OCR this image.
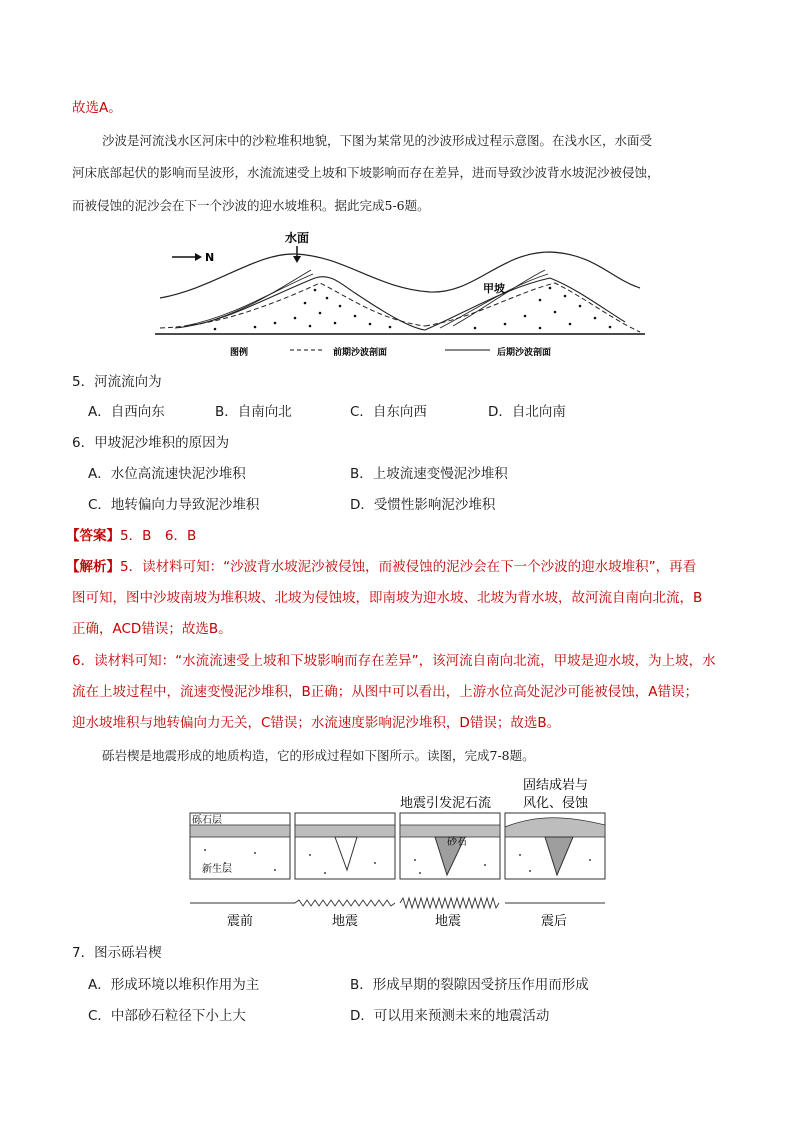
故选A。
沙波是河流浅水区河床中的沙粒堆积地貌，下图为某常见的沙波形成过程示意图。在浅水区，水面受
河床底部起伏的影响而呈波形，水流流速受上坡和下坡影响而存在差异，进而导致沙波背水坡泥沙被侵蚀，
而被侵蚀的泥沙会在下一个沙波的迎水坡堆积。据此完成5-6题。
N
水面
甲坡
图例	前期沙波剖面	后期沙波剖面
5．河流流向为
A．自西向东	B．自南向北	C．自东向西	D．自北向南
6．甲坡泥沙堆积的原因为
A．水位高流速快泥沙堆积	B．上坡流速变慢泥沙堆积
C．地转偏向力导致泥沙堆积	D．受惯性影响泥沙堆积
【答案】5．B　6．B
【解析】5．读材料可知：“沙波背水坡泥沙被侵蚀，而被侵蚀的泥沙会在下一个沙波的迎水坡堆积”，再看
图可知，图中沙坡南坡为堆积坡、北坡为侵蚀坡，即南坡为迎水坡、北坡为背水坡，故河流自南向北流，B
正确，ACD错误；故选B。
6．读材料可知：“水流流速受上坡和下坡影响而存在差异”，该河流自南向北流，甲坡是迎水坡，为上坡，水
流在上坡过程中，流速变慢泥沙堆积，B正确；从图中可以看出，上游水位高处泥沙可能被侵蚀，A错误；
迎水坡堆积与地转偏向力无关，C错误；水流速度影响泥沙堆积，D错误；故选B。
砾岩楔是地震形成的地质构造，它的形成过程如下图所示。读图，完成7-8题。
地震引发泥石流
固结成岩与
风化、侵蚀
砾石层
新生层
砂石
震前	地震	地震	震后
7．图示砾岩楔
A．形成环境以堆积作用为主	B．形成早期的裂隙因受挤压作用而形成
C．中部砂石粒径下小上大	D．可以用来预测未来的地震活动
